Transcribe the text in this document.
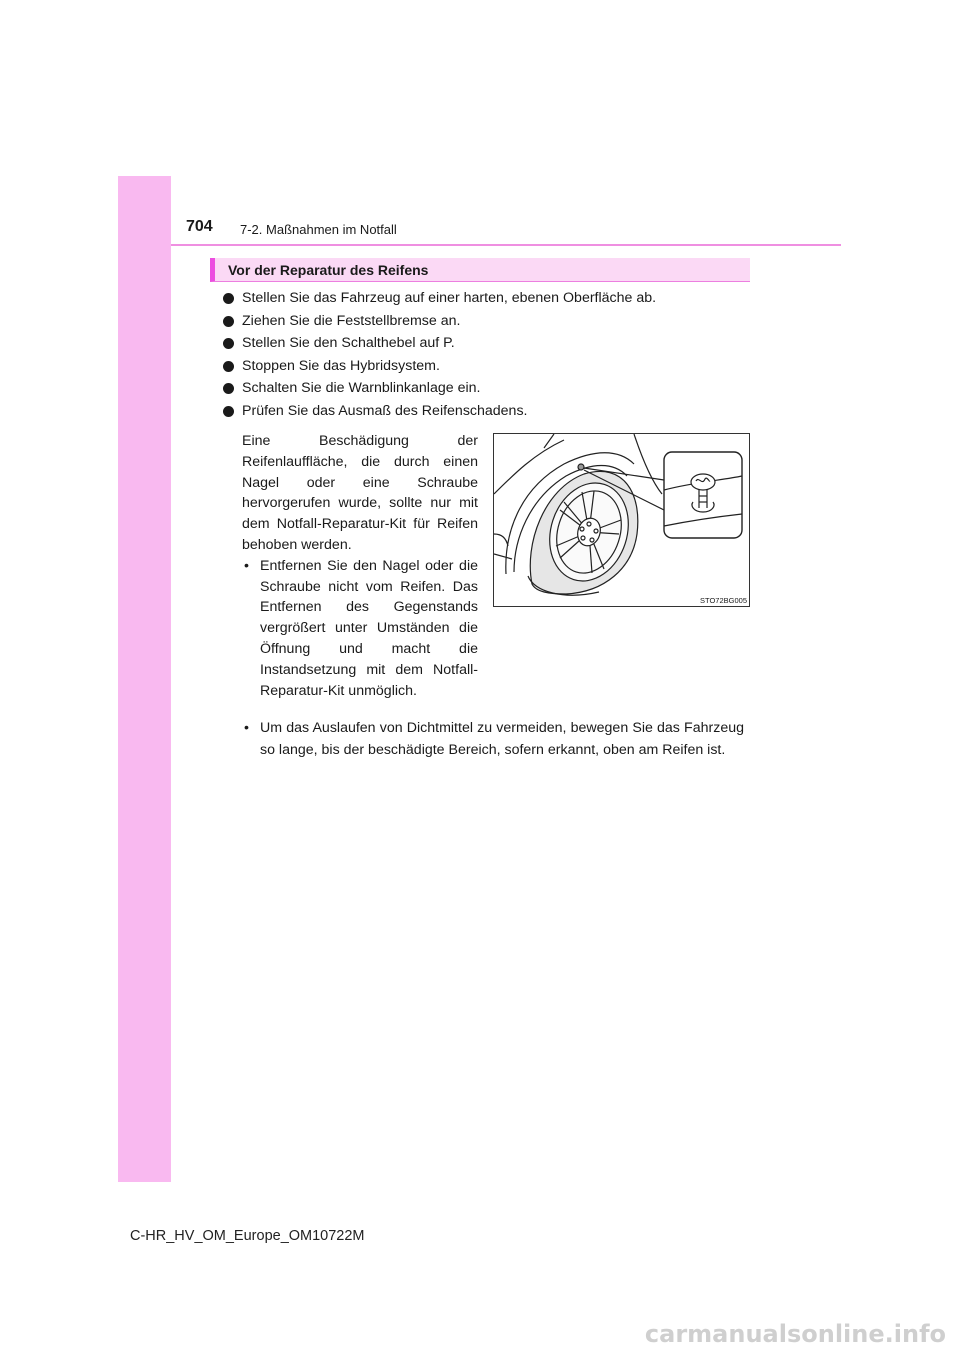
704 7-2. Maßnahmen im Notfall
Vor der Reparatur des Reifens
Stellen Sie das Fahrzeug auf einer harten, ebenen Oberfläche ab.
Ziehen Sie die Feststellbremse an.
Stellen Sie den Schalthebel auf P.
Stoppen Sie das Hybridsystem.
Schalten Sie die Warnblinkanlage ein.
Prüfen Sie das Ausmaß des Reifenschadens.

Eine Beschädigung der Reifenlauffläche, die durch einen Nagel oder eine Schraube hervorgerufen wurde, sollte nur mit dem Notfall-Reparatur-Kit für Reifen behoben werden.

• Entfernen Sie den Nagel oder die Schraube nicht vom Reifen. Das Entfernen des Gegenstands vergrößert unter Umständen die Öffnung und macht die Instandsetzung mit dem Notfall-Reparatur-Kit unmöglich.
• Um das Auslaufen von Dichtmittel zu vermeiden, bewegen Sie das Fahrzeug so lange, bis der beschädigte Bereich, sofern erkannt, oben am Reifen ist.
STO72BG005
C-HR_HV_OM_Europe_OM10722M
carmanualsonline.info
